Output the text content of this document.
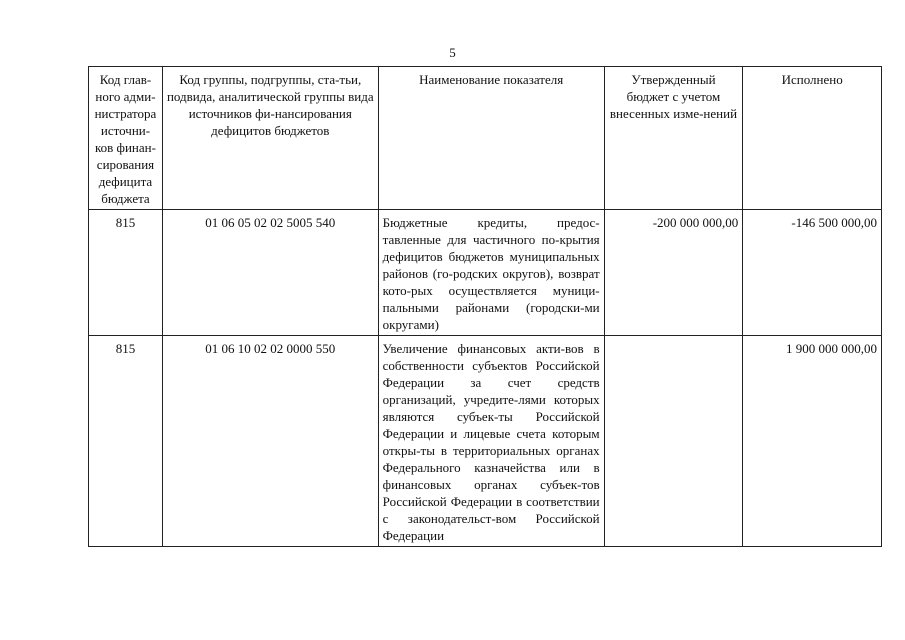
5
Код глав-ного адми-нистратора источни-ков финан-сирования дефицита бюджета	Код группы, подгруппы, ста-тьи, подвида, аналитической группы вида источников фи-нансирования дефицитов бюджетов	Наименование показателя	Утвержденный бюджет с учетом внесенных изме-нений	Исполнено
815	01 06 05 02 02 5005 540	Бюджетные кредиты, предос-тавленные для частичного по-крытия дефицитов бюджетов муниципальных районов (го-родских округов), возврат кото-рых осуществляется муници-пальными районами (городски-ми округами)	-200 000 000,00	-146 500 000,00
815	01 06 10 02 02 0000 550	Увеличение финансовых акти-вов в собственности субъектов Российской Федерации за счет средств организаций, учредите-лями которых являются субъек-ты Российской Федерации и лицевые счета которым откры-ты в территориальных органах Федерального казначейства или в финансовых органах субъек-тов Российской Федерации в соответствии с законодательст-вом Российской Федерации		1 900 000 000,00
